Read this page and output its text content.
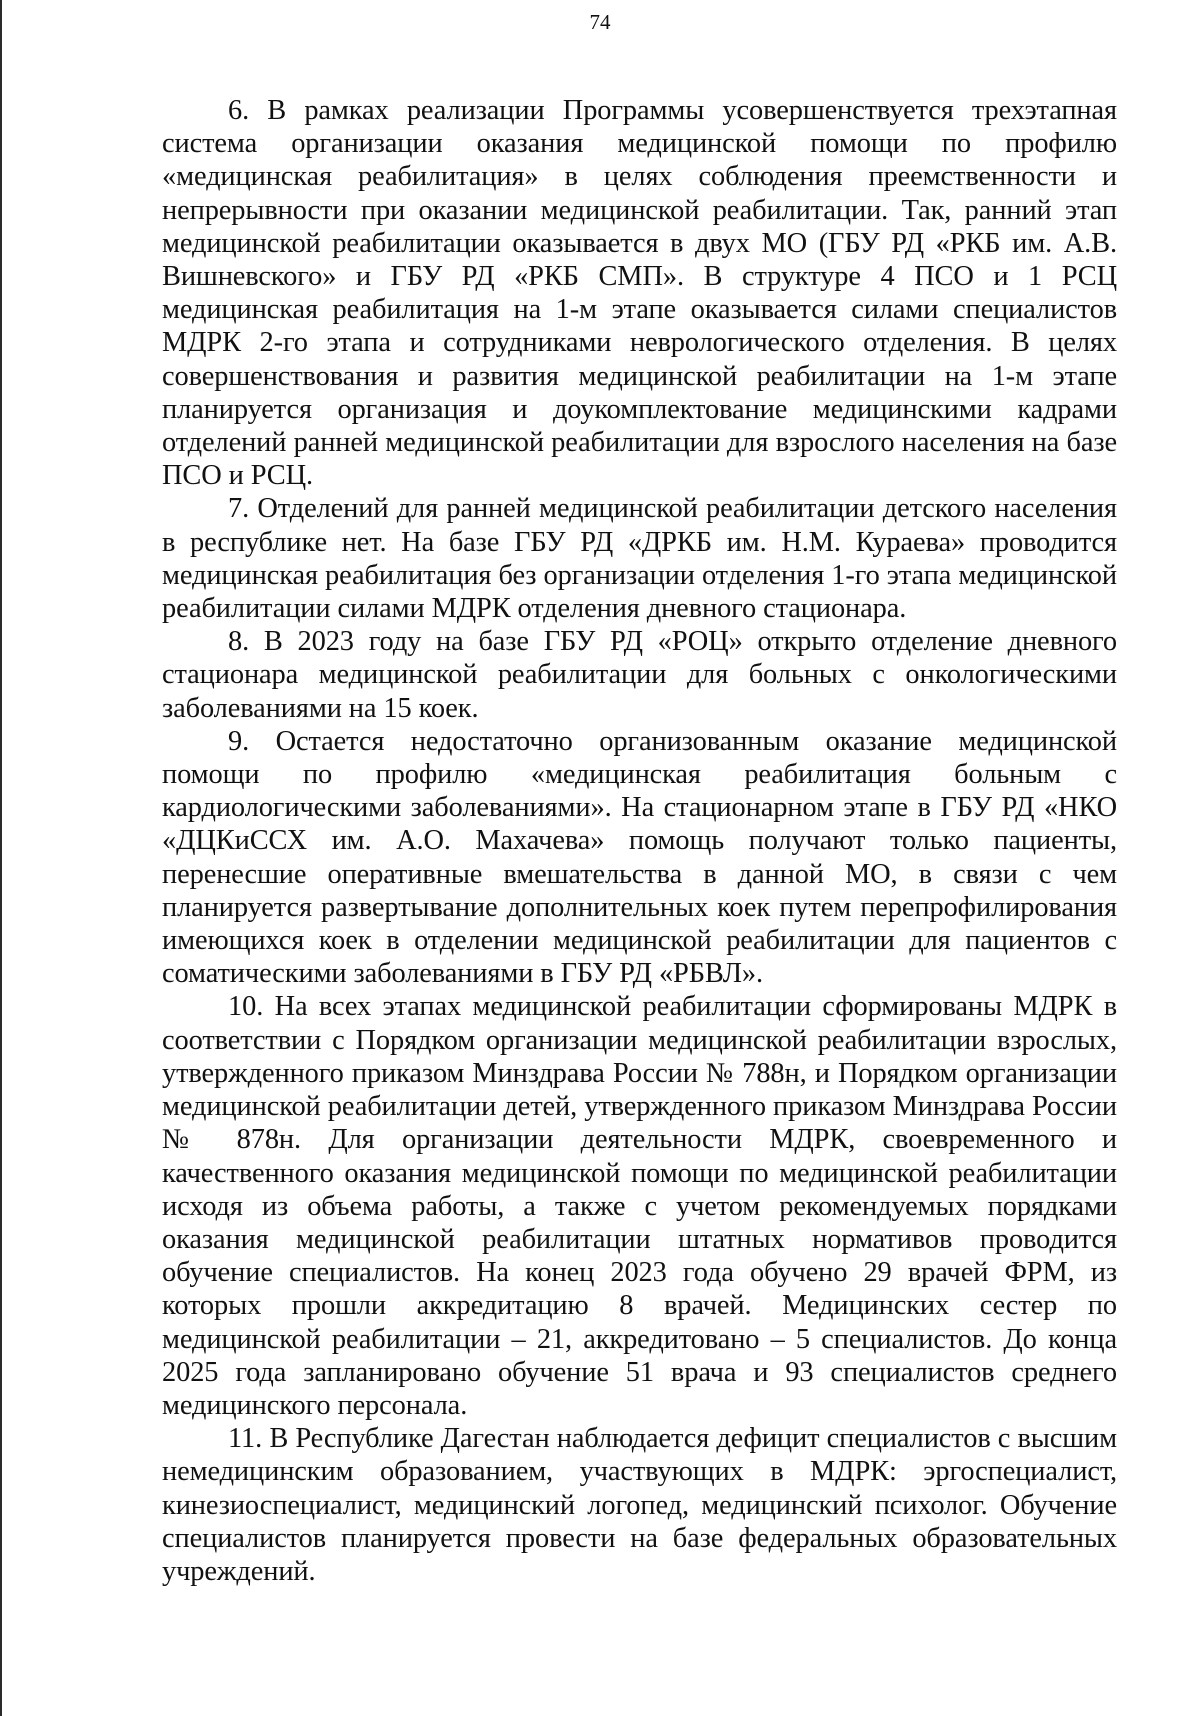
74

6. В рамках реализации Программы усовершенствуется трехэтапная система организации оказания медицинской помощи по профилю «медицинская реабилитация» в целях соблюдения преемственности и непрерывности при оказании медицинской реабилитации. Так, ранний этап медицинской реабилитации оказывается в двух МО (ГБУ РД «РКБ им. А.В. Вишневского» и ГБУ РД «РКБ СМП». В структуре 4 ПСО и 1 РСЦ медицинская реабилитация на 1-м этапе оказывается силами специалистов МДРК 2-го этапа и сотрудниками неврологического отделения. В целях совершенствования и развития медицинской реабилитации на 1-м этапе планируется организация и доукомплектование медицинскими кадрами отделений ранней медицинской реабилитации для взрослого населения на базе ПСО и РСЦ.

7. Отделений для ранней медицинской реабилитации детского населения в республике нет. На базе ГБУ РД «ДРКБ им. Н.М. Кураева» проводится медицинская реабилитация без организации отделения 1-го этапа медицинской реабилитации силами МДРК отделения дневного стационара.

8. В 2023 году на базе ГБУ РД «РОЦ» открыто отделение дневного стационара медицинской реабилитации для больных с онкологическими заболеваниями на 15 коек.

9. Остается недостаточно организованным оказание медицинской помощи по профилю «медицинская реабилитация больным с кардиологическими заболеваниями». На стационарном этапе в ГБУ РД «НКО «ДЦКиССХ им. А.О. Махачева» помощь получают только пациенты, перенесшие оперативные вмешательства в данной МО, в связи с чем планируется развертывание дополнительных коек путем перепрофилирования имеющихся коек в отделении медицинской реабилитации для пациентов с соматическими заболеваниями в ГБУ РД «РБВЛ».

10. На всех этапах медицинской реабилитации сформированы МДРК в соответствии с Порядком организации медицинской реабилитации взрослых, утвержденного приказом Минздрава России № 788н, и Порядком организации медицинской реабилитации детей, утвержденного приказом Минздрава России № 878н. Для организации деятельности МДРК, своевременного и качественного оказания медицинской помощи по медицинской реабилитации исходя из объема работы, а также с учетом рекомендуемых порядками оказания медицинской реабилитации штатных нормативов проводится обучение специалистов. На конец 2023 года обучено 29 врачей ФРМ, из которых прошли аккредитацию 8 врачей. Медицинских сестер по медицинской реабилитации – 21, аккредитовано – 5 специалистов. До конца 2025 года запланировано обучение 51 врача и 93 специалистов среднего медицинского персонала.

11. В Республике Дагестан наблюдается дефицит специалистов с высшим немедицинским образованием, участвующих в МДРК: эргоспециалист, кинезиоспециалист, медицинский логопед, медицинский психолог. Обучение специалистов планируется провести на базе федеральных образовательных учреждений.
